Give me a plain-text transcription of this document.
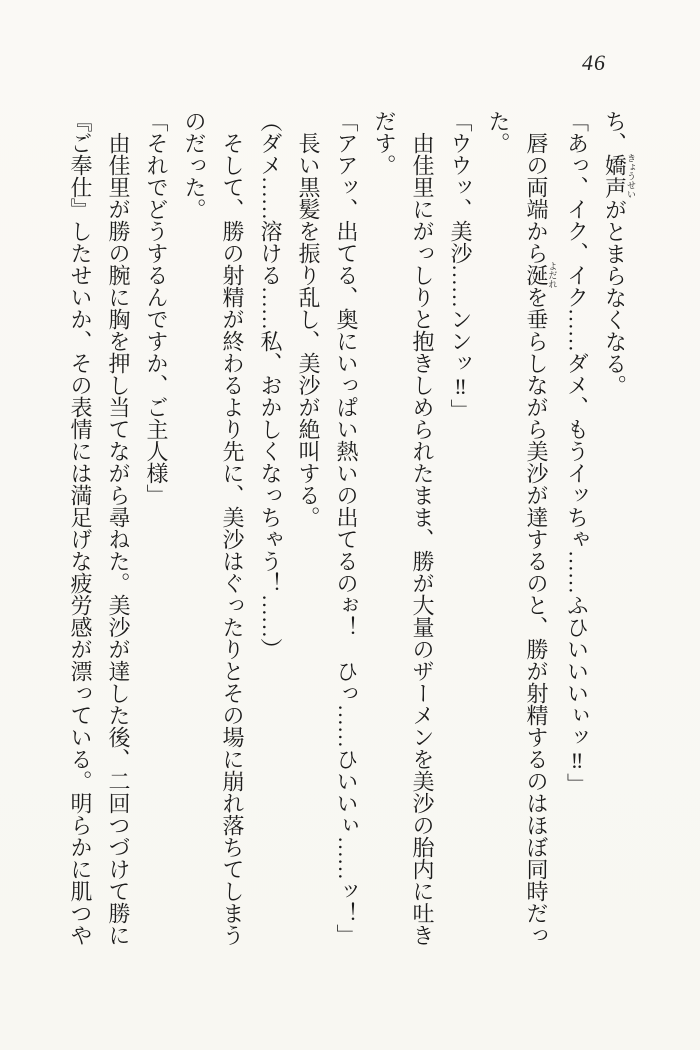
46

ち、嬌声きょうせいがとまらなくなる。

「あっ、イク、イク……ダメ、もうイッちゃ……ふひいいいぃッ‼」

唇の両端から涎よだれを垂らしながら美沙が達するのと、勝が射精するのはほぼ同時だった。

「ウウッ、美沙……ンンッ‼」

由佳里にがっしりと抱きしめられたまま、勝が大量のザーメンを美沙の胎内に吐きだす。

「アアッ、出てる、奥にいっぱい熱いの出てるのぉ！　ひっ……ひいいぃ……ッ！」

長い黒髪を振り乱し、美沙が絶叫する。

（ダメ……溶ける……私、おかしくなっちゃう！……）

そして、勝の射精が終わるより先に、美沙はぐったりとその場に崩れ落ちてしまうのだった。

「それでどうするんですか、ご主人様」

由佳里が勝の腕に胸を押し当てながら尋ねた。美沙が達した後、二回つづけて勝に『ご奉仕』したせいか、その表情には満足げな疲労感が漂っている。明らかに肌つや
